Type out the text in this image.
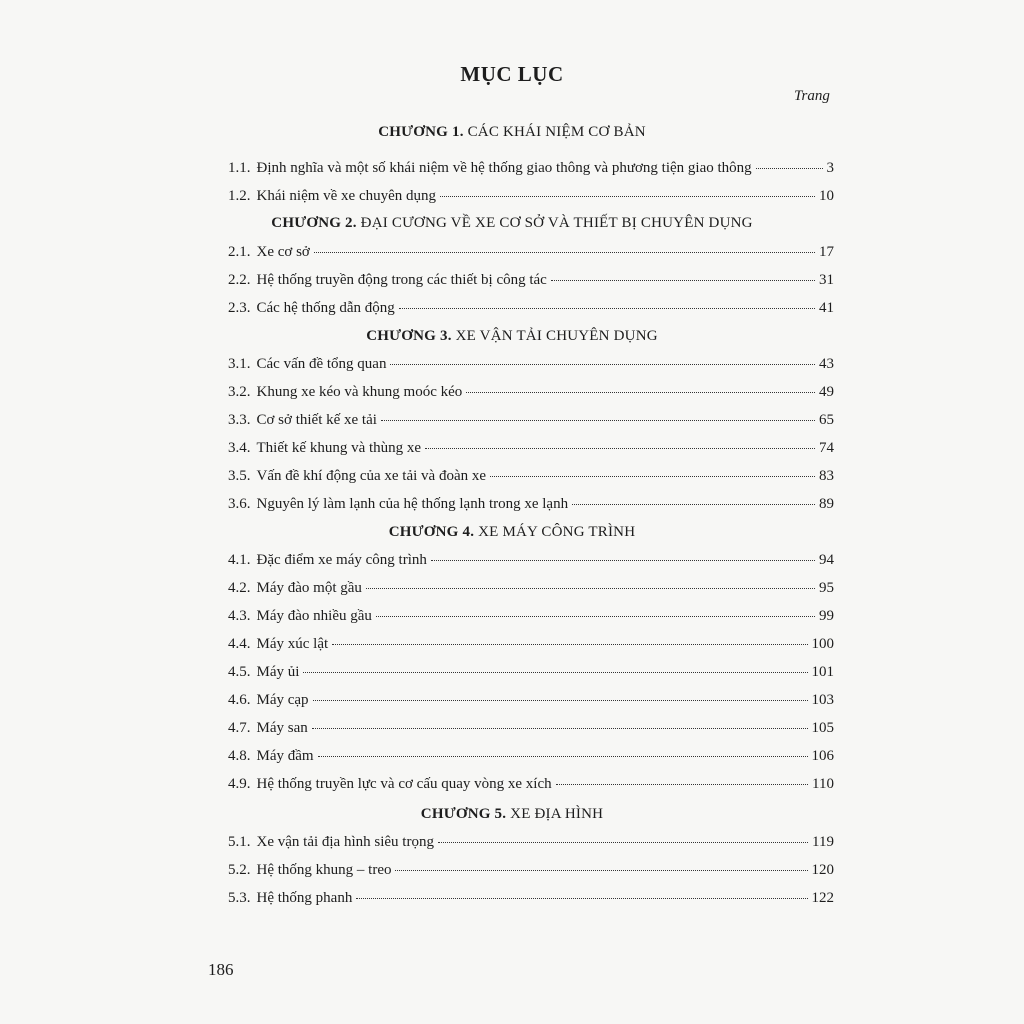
MỤC LỤC
Trang
CHƯƠNG 1. CÁC KHÁI NIỆM CƠ BẢN
1.1. Định nghĩa và một số khái niệm về hệ thống giao thông và phương tiện giao thông	3
1.2. Khái niệm về xe chuyên dụng	10
CHƯƠNG 2. ĐẠI CƯƠNG VỀ XE CƠ SỞ VÀ THIẾT BỊ CHUYÊN DỤNG
2.1. Xe cơ sở	17
2.2. Hệ thống truyền động trong các thiết bị công tác	31
2.3. Các hệ thống dẫn động	41
CHƯƠNG 3. XE VẬN TẢI CHUYÊN DỤNG
3.1. Các vấn đề tổng quan	43
3.2. Khung xe kéo và khung moóc kéo	49
3.3. Cơ sở thiết kế xe tải	65
3.4. Thiết kế khung và thùng xe	74
3.5. Vấn đề khí động của xe tải và đoàn xe	83
3.6. Nguyên lý làm lạnh của hệ thống lạnh trong xe lạnh	89
CHƯƠNG 4. XE MÁY CÔNG TRÌNH
4.1. Đặc điểm xe máy công trình	94
4.2. Máy đào một gầu	95
4.3. Máy đào nhiều gầu	99
4.4. Máy xúc lật	100
4.5. Máy ủi	101
4.6. Máy cạp	103
4.7. Máy san	105
4.8. Máy đầm	106
4.9. Hệ thống truyền lực và cơ cấu quay vòng xe xích	110
CHƯƠNG 5. XE ĐỊA HÌNH
5.1. Xe vận tải địa hình siêu trọng	119
5.2. Hệ thống khung – treo	120
5.3. Hệ thống phanh	122
186
